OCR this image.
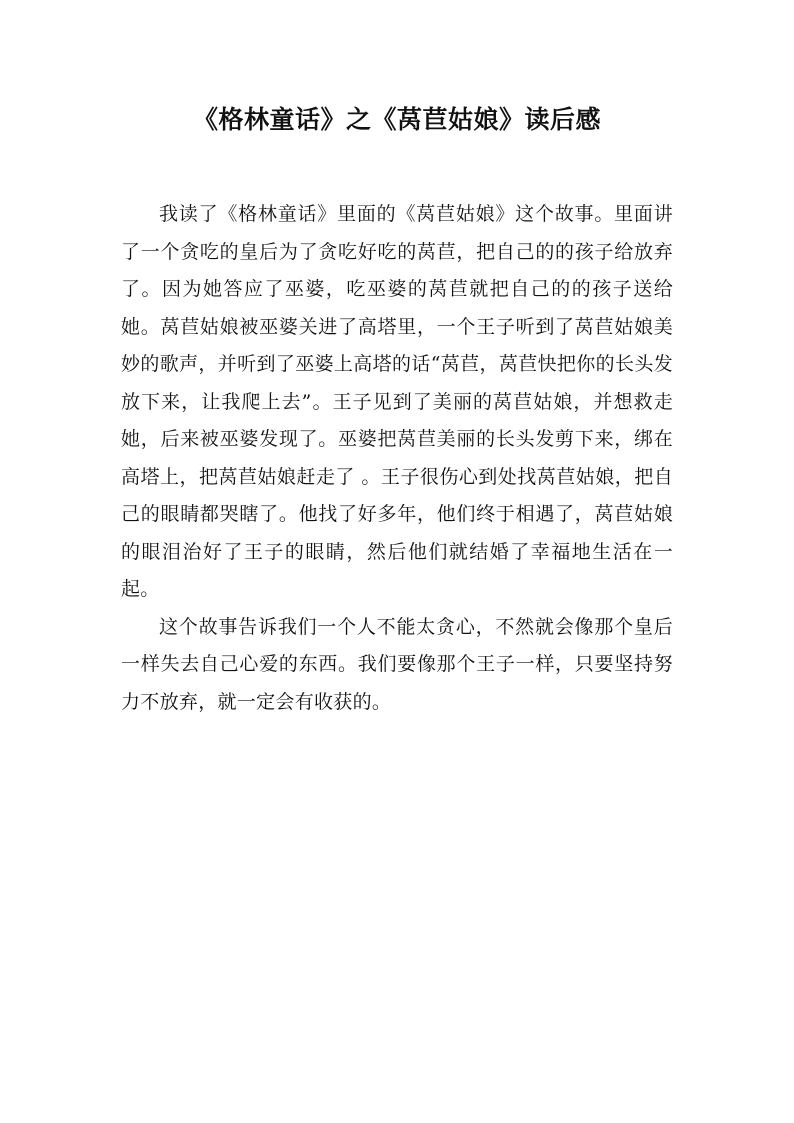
《格林童话》之《莴苣姑娘》读后感

我读了《格林童话》里面的《莴苣姑娘》这个故事。里面讲了一个贪吃的皇后为了贪吃好吃的莴苣，把自己的的孩子给放弃了。因为她答应了巫婆，吃巫婆的莴苣就把自己的的孩子送给她。莴苣姑娘被巫婆关进了高塔里，一个王子听到了莴苣姑娘美妙的歌声，并听到了巫婆上高塔的话“莴苣，莴苣快把你的长头发放下来，让我爬上去”。王子见到了美丽的莴苣姑娘，并想救走她，后来被巫婆发现了。巫婆把莴苣美丽的长头发剪下来，绑在高塔上，把莴苣姑娘赶走了 。王子很伤心到处找莴苣姑娘，把自己的眼睛都哭瞎了。他找了好多年，他们终于相遇了，莴苣姑娘的眼泪治好了王子的眼睛，然后他们就结婚了幸福地生活在一起。

这个故事告诉我们一个人不能太贪心，不然就会像那个皇后一样失去自己心爱的东西。我们要像那个王子一样，只要坚持努力不放弃，就一定会有收获的。
